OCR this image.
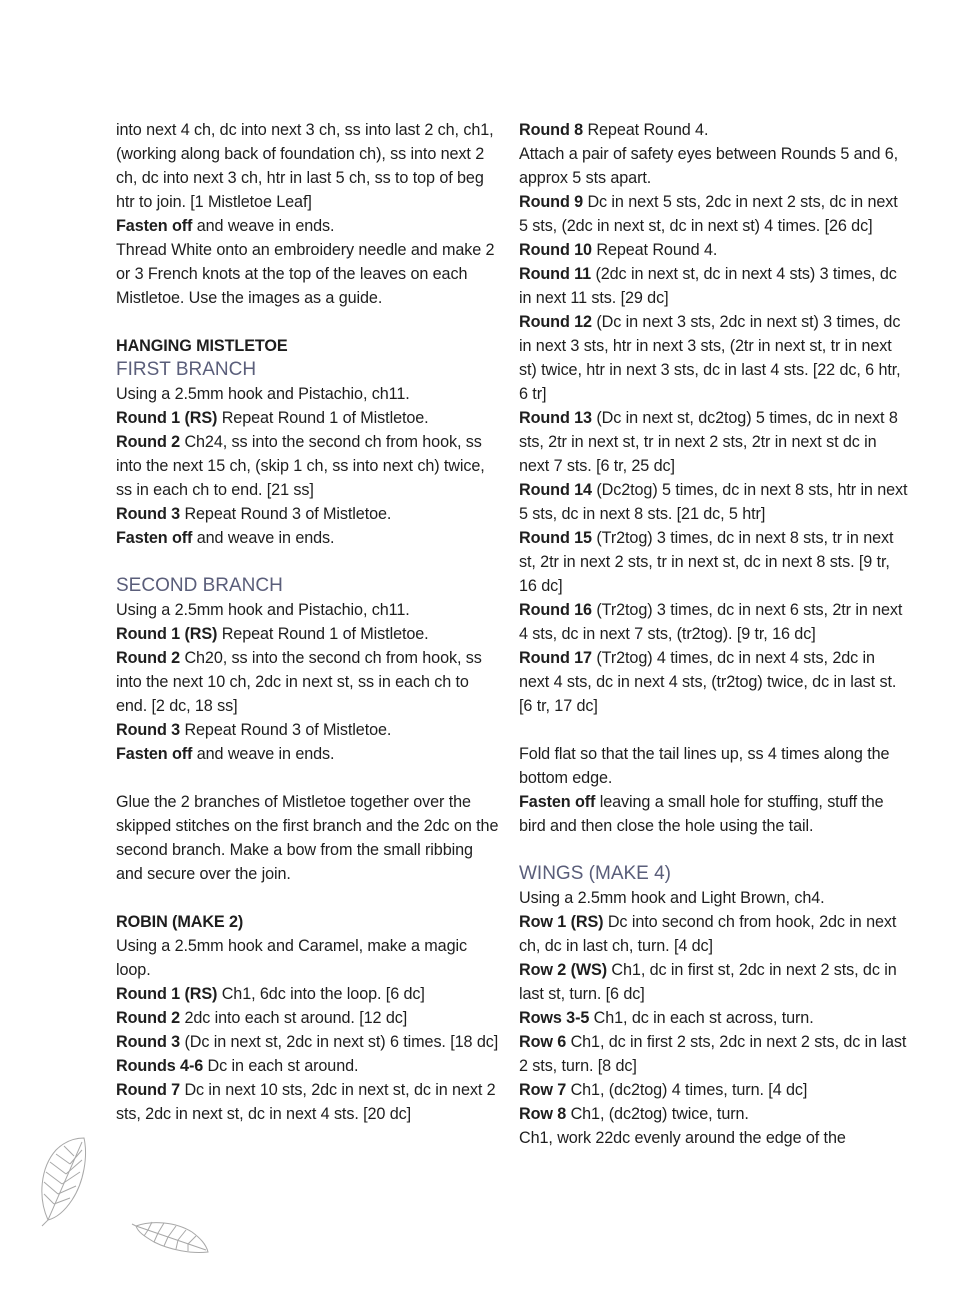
into next 4 ch, dc into next 3 ch, ss into last 2 ch, ch1, (working along back of foundation ch), ss into next 2 ch, dc into next 3 ch, htr in last 5 ch, ss to top of beg htr to join. [1 Mistletoe Leaf]

Fasten off and weave in ends.

Thread White onto an embroidery needle and make 2 or 3 French knots at the top of the leaves on each Mistletoe. Use the images as a guide.

HANGING MISTLETOE

FIRST BRANCH

Using a 2.5mm hook and Pistachio, ch11.

Round 1 (RS) Repeat Round 1 of Mistletoe.

Round 2 Ch24, ss into the second ch from hook, ss into the next 15 ch, (skip 1 ch, ss into next ch) twice, ss in each ch to end. [21 ss]

Round 3 Repeat Round 3 of Mistletoe.

Fasten off and weave in ends.

SECOND BRANCH

Using a 2.5mm hook and Pistachio, ch11.

Round 1 (RS) Repeat Round 1 of Mistletoe.

Round 2 Ch20, ss into the second ch from hook, ss into the next 10 ch, 2dc in next st, ss in each ch to end. [2 dc, 18 ss]

Round 3 Repeat Round 3 of Mistletoe.

Fasten off and weave in ends.

Glue the 2 branches of Mistletoe together over the skipped stitches on the first branch and the 2dc on the second branch. Make a bow from the small ribbing and secure over the join.

ROBIN (MAKE 2)

Using a 2.5mm hook and Caramel, make a magic loop.

Round 1 (RS) Ch1, 6dc into the loop. [6 dc]

Round 2 2dc into each st around. [12 dc]

Round 3 (Dc in next st, 2dc in next st) 6 times. [18 dc]

Rounds 4-6 Dc in each st around.

Round 7 Dc in next 10 sts, 2dc in next st, dc in next 2 sts, 2dc in next st, dc in next 4 sts. [20 dc]

Round 8 Repeat Round 4.

Attach a pair of safety eyes between Rounds 5 and 6, approx 5 sts apart.

Round 9 Dc in next 5 sts, 2dc in next 2 sts, dc in next 5 sts, (2dc in next st, dc in next st) 4 times. [26 dc]

Round 10 Repeat Round 4.

Round 11 (2dc in next st, dc in next 4 sts) 3 times, dc in next 11 sts. [29 dc]

Round 12 (Dc in next 3 sts, 2dc in next st) 3 times, dc in next 3 sts, htr in next 3 sts, (2tr in next st, tr in next st) twice, htr in next 3 sts, dc in last 4 sts. [22 dc, 6 htr, 6 tr]

Round 13 (Dc in next st, dc2tog) 5 times, dc in next 8 sts, 2tr in next st, tr in next 2 sts, 2tr in next st dc in next 7 sts. [6 tr, 25 dc]

Round 14 (Dc2tog) 5 times, dc in next 8 sts, htr in next 5 sts, dc in next 8 sts. [21 dc, 5 htr]

Round 15 (Tr2tog) 3 times, dc in next 8 sts, tr in next st, 2tr in next 2 sts, tr in next st, dc in next 8 sts. [9 tr, 16 dc]

Round 16 (Tr2tog) 3 times, dc in next 6 sts, 2tr in next 4 sts, dc in next 7 sts, (tr2tog). [9 tr, 16 dc]

Round 17 (Tr2tog) 4 times, dc in next 4 sts, 2dc in next 4 sts, dc in next 4 sts, (tr2tog) twice, dc in last st. [6 tr, 17 dc]

Fold flat so that the tail lines up, ss 4 times along the bottom edge.

Fasten off leaving a small hole for stuffing, stuff the bird and then close the hole using the tail.

WINGS (MAKE 4)

Using a 2.5mm hook and Light Brown, ch4.

Row 1 (RS) Dc into second ch from hook, 2dc in next ch, dc in last ch, turn. [4 dc]

Row 2 (WS) Ch1, dc in first st, 2dc in next 2 sts, dc in last st, turn. [6 dc]

Rows 3-5 Ch1, dc in each st across, turn.

Row 6 Ch1, dc in first 2 sts, 2dc in next 2 sts, dc in last 2 sts, turn. [8 dc]

Row 7 Ch1, (dc2tog) 4 times, turn. [4 dc]

Row 8 Ch1, (dc2tog) twice, turn.

Ch1, work 22dc evenly around the edge of the
